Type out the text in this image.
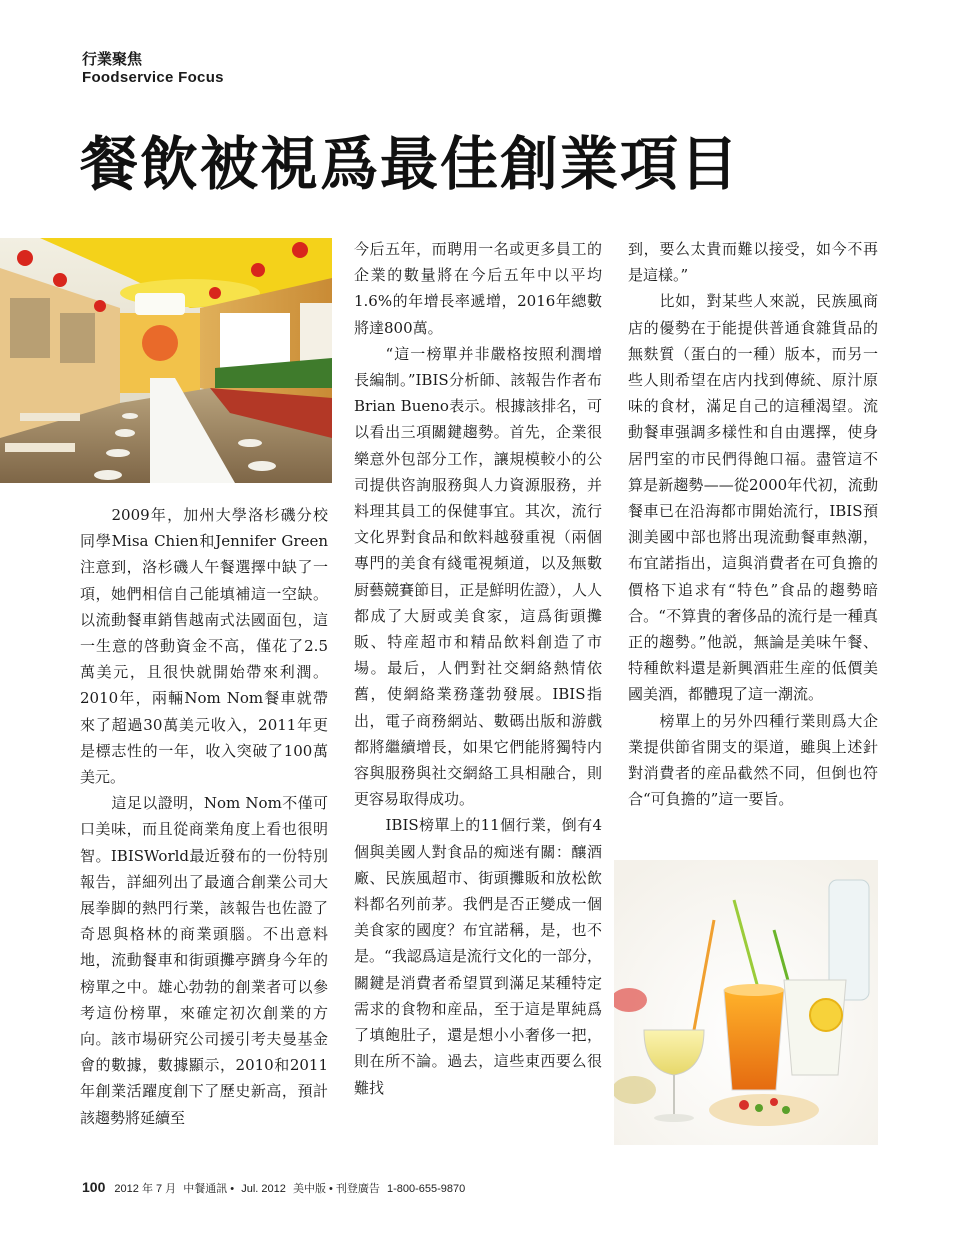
行業聚焦
Foodservice Focus
餐飲被視爲最佳創業項目

2009年，加州大學洛杉磯分校同學Misa Chien和Jennifer Green注意到，洛杉磯人午餐選擇中缺了一項，她們相信自己能填補這一空缺。以流動餐車銷售越南式法國面包，這一生意的啓動資金不高，僅花了2.5萬美元，且很快就開始帶來利潤。2010年，兩輛Nom Nom餐車就帶來了超過30萬美元收入，2011年更是標志性的一年，收入突破了100萬美元。

這足以證明，Nom Nom不僅可口美味，而且從商業角度上看也很明智。IBISWorld最近發布的一份特別報告，詳細列出了最適合創業公司大展拳脚的熱門行業，該報告也佐證了奇恩與格林的商業頭腦。不出意料地，流動餐車和街頭攤亭躋身今年的榜單之中。雄心勃勃的創業者可以參考這份榜單，來確定初次創業的方向。該市場研究公司援引考夫曼基金會的數據，數據顯示，2010和2011年創業活躍度創下了歷史新高，預計該趨勢將延續至

今后五年，而聘用一名或更多員工的企業的數量將在今后五年中以平均1.6%的年增長率遞增，2016年總數將達800萬。

“這一榜單并非嚴格按照利潤增長編制。”IBIS分析師、該報告作者布Brian Bueno表示。根據該排名，可以看出三項關鍵趨勢。首先，企業很樂意外包部分工作，讓規模較小的公司提供咨詢服務與人力資源服務，并料理其員工的保健事宜。其次，流行文化界對食品和飲料越發重視（兩個專門的美食有綫電視頻道，以及無數厨藝競賽節目，正是鮮明佐證），人人都成了大厨或美食家，這爲街頭攤販、特産超市和精品飲料創造了市場。最后，人們對社交網絡熱情依舊，使網絡業務蓬勃發展。IBIS指出，電子商務網站、數碼出版和游戲都將繼續增長，如果它們能將獨特内容與服務與社交網絡工具相融合，則更容易取得成功。

IBIS榜單上的11個行業，倒有4個與美國人對食品的痴迷有關：釀酒廠、民族風超市、街頭攤販和放松飲料都名列前茅。我們是否正變成一個美食家的國度？布宜諾稱，是，也不是。“我認爲這是流行文化的一部分，關鍵是消費者希望買到滿足某種特定需求的食物和産品，至于這是單純爲了填飽肚子，還是想小小奢侈一把，則在所不論。過去，這些東西要么很難找

到，要么太貴而難以接受，如今不再是這樣。”

比如，對某些人來説，民族風商店的優勢在于能提供普通食雜貨品的無麩質（蛋白的一種）版本，而另一些人則希望在店内找到傳統、原汁原味的食材，滿足自己的這種渴望。流動餐車强調多樣性和自由選擇，使身居門室的市民們得飽口福。盡管這不算是新趨勢——從2000年代初，流動餐車已在沿海都市開始流行，IBIS預測美國中部也將出現流動餐車熱潮，布宜諾指出，這與消費者在可負擔的價格下追求有“特色”食品的趨勢暗合。“不算貴的奢侈品的流行是一種真正的趨勢。”他説，無論是美味午餐、特種飲料還是新興酒莊生産的低價美國美酒，都體現了這一潮流。

榜單上的另外四種行業則爲大企業提供節省開支的渠道，雖與上述針對消費者的産品截然不同，但倒也符合“可負擔的”這一要旨。

100 2012 年 7 月 中餐通訊 • Jul. 2012 美中版 • 刊登廣告 1-800-655-9870
